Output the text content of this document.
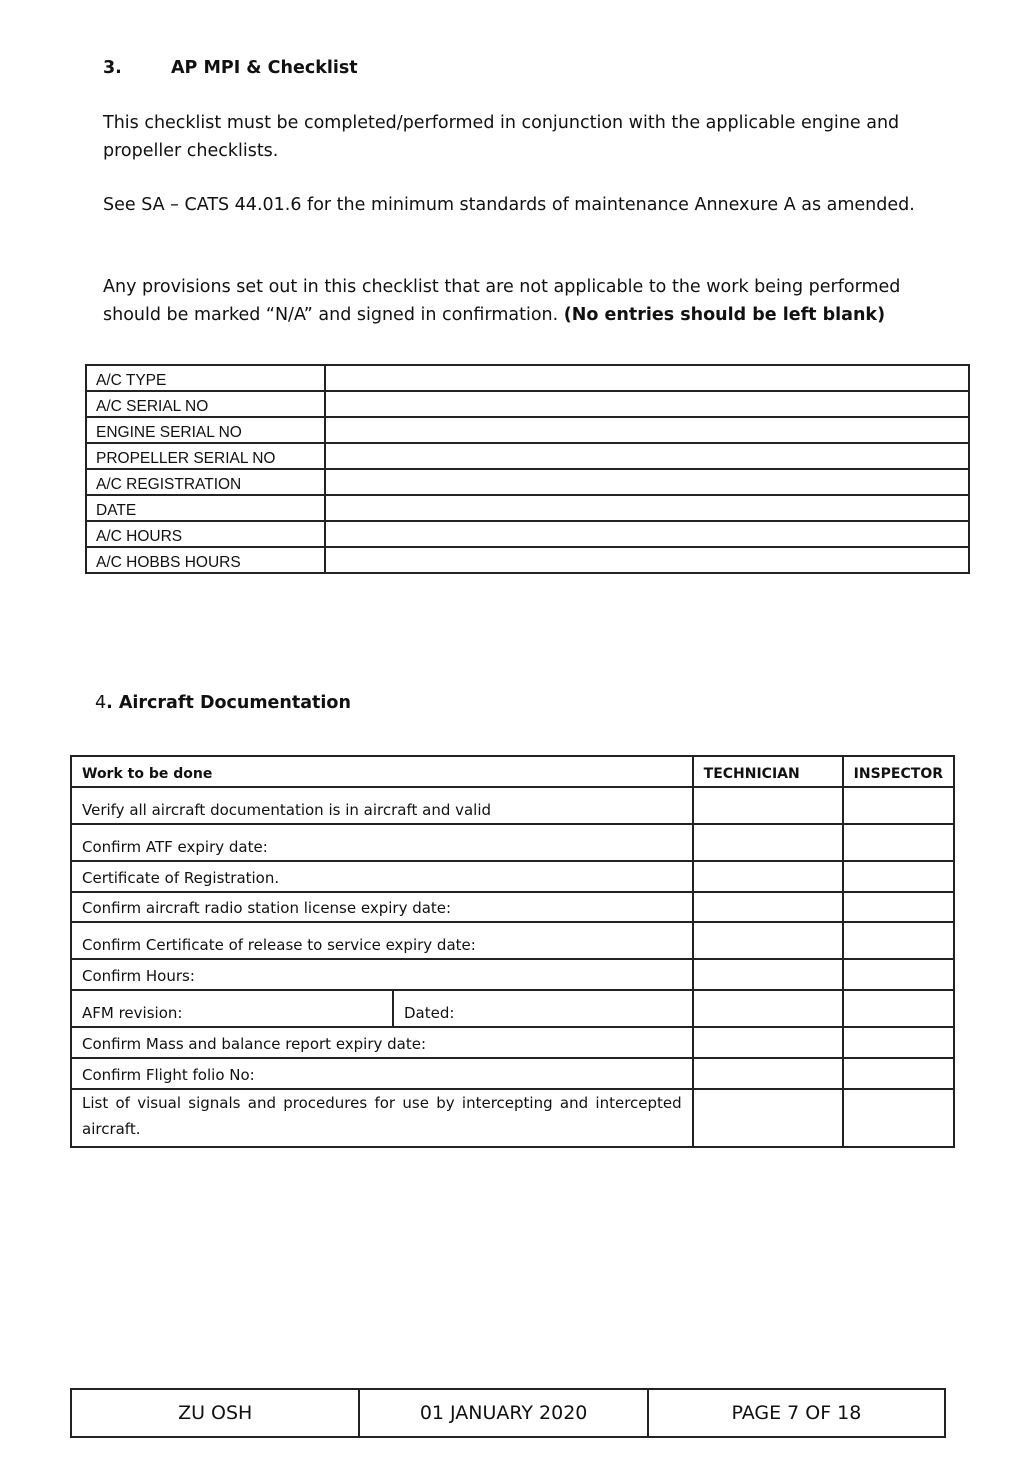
3.	AP MPI & Checklist
This checklist must be completed/performed in conjunction with the applicable engine and propeller checklists.
See SA – CATS 44.01.6 for the minimum standards of maintenance Annexure A as amended.
Any provisions set out in this checklist that are not applicable to the work being performed should be marked “N/A” and signed in confirmation. (No entries should be left blank)
A/C TYPE	
A/C SERIAL NO	
ENGINE SERIAL NO	
PROPELLER SERIAL NO	
A/C REGISTRATION	
DATE	
A/C HOURS	
A/C HOBBS HOURS	
4. Aircraft Documentation
Work to be done		TECHNICIAN	INSPECTOR
Verify all aircraft documentation is in aircraft and valid			
Confirm ATF expiry date:			
Certificate of Registration.			
Confirm aircraft radio station license expiry date:			
Confirm Certificate of release to service expiry date:			
Confirm Hours:			
AFM revision:	Dated:		
Confirm Mass and balance report expiry date:			
Confirm Flight folio No:			
List of visual signals and procedures for use by intercepting and intercepted aircraft.			
ZU OSH	01 JANUARY 2020	PAGE 7 OF 18
